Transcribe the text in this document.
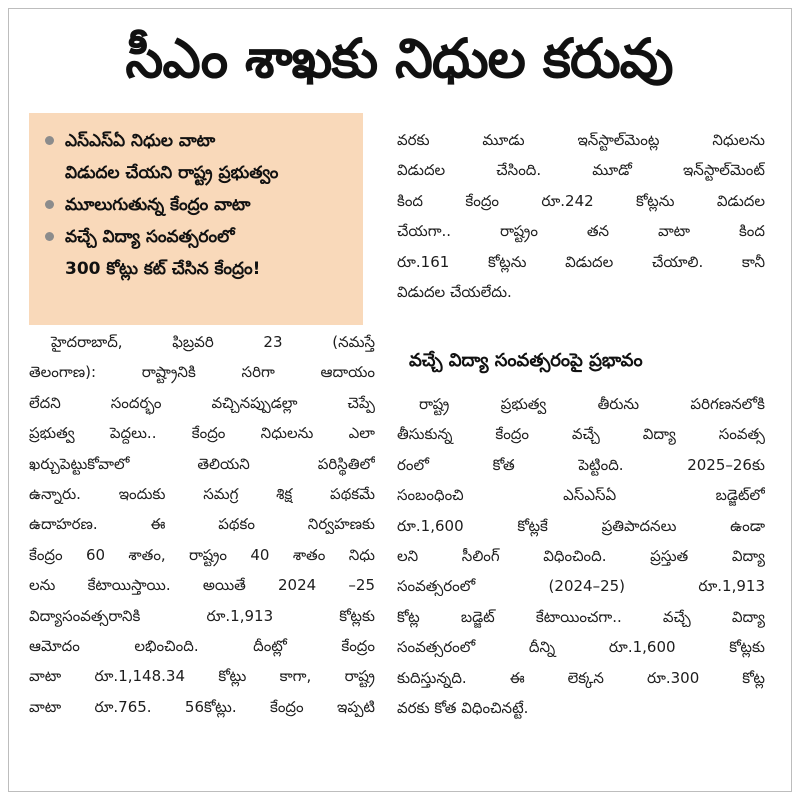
సీఎం శాఖకు నిధుల కరువు
ఎస్‌ఎస్‌ఏ నిధుల వాటా
విడుదల చేయని రాష్ట్ర ప్రభుత్వం
మూలుగుతున్న కేంద్రం వాటా
వచ్చే విద్యా సంవత్సరంలో
300 కోట్లు కట్ చేసిన కేంద్రం!
హైదరాబాద్, ఫిబ్రవరి 23 (నమస్తే
తెలంగాణ): రాష్ట్రానికి సరిగా ఆదాయం
లేదని సందర్భం వచ్చినప్పుడల్లా చెప్పే
ప్రభుత్వ పెద్దలు.. కేంద్రం నిధులను ఎలా
ఖర్చుపెట్టుకోవాలో తెలియని పరిస్థితిలో
ఉన్నారు. ఇందుకు సమగ్ర శిక్ష పథకమే
ఉదాహరణ. ఈ పథకం నిర్వహణకు
కేంద్రం 60 శాతం, రాష్ట్రం 40 శాతం నిధు
లను కేటాయిస్తాయి. అయితే 2024 –25
విద్యాసంవత్సరానికి రూ.1,913 కోట్లకు
ఆమోదం లభించింది. దీంట్లో కేంద్రం
వాటా రూ.1,148.34 కోట్లు కాగా, రాష్ట్ర
వాటా రూ.765. 56కోట్లు. కేంద్రం ఇప్పటి
వరకు మూడు ఇన్‌స్టాల్‌మెంట్ల నిధులను
విడుదల చేసింది. మూడో ఇన్‌స్టాల్‌మెంట్
కింద కేంద్రం రూ.242 కోట్లను విడుదల
చేయగా.. రాష్ట్రం తన వాటా కింద
రూ.161 కోట్లను విడుదల చేయాలి. కానీ
విడుదల చేయలేదు.
వచ్చే విద్యా సంవత్సరంపై ప్రభావం
రాష్ట్ర ప్రభుత్వ తీరును పరిగణనలోకి
తీసుకున్న కేంద్రం వచ్చే విద్యా సంవత్స
రంలో కోత పెట్టింది. 2025–26కు
సంబంధించి ఎస్‌ఎస్‌ఏ బడ్జెట్‌లో
రూ.1,600 కోట్లకే ప్రతిపాదనలు ఉండా
లని సీలింగ్ విధించింది. ప్రస్తుత విద్యా
సంవత్సరంలో (2024–25) రూ.1,913
కోట్ల బడ్జెట్ కేటాయించగా.. వచ్చే విద్యా
సంవత్సరంలో దీన్ని రూ.1,600 కోట్లకు
కుదిస్తున్నది. ఈ లెక్కన రూ.300 కోట్ల
వరకు కోత విధించినట్టే.
